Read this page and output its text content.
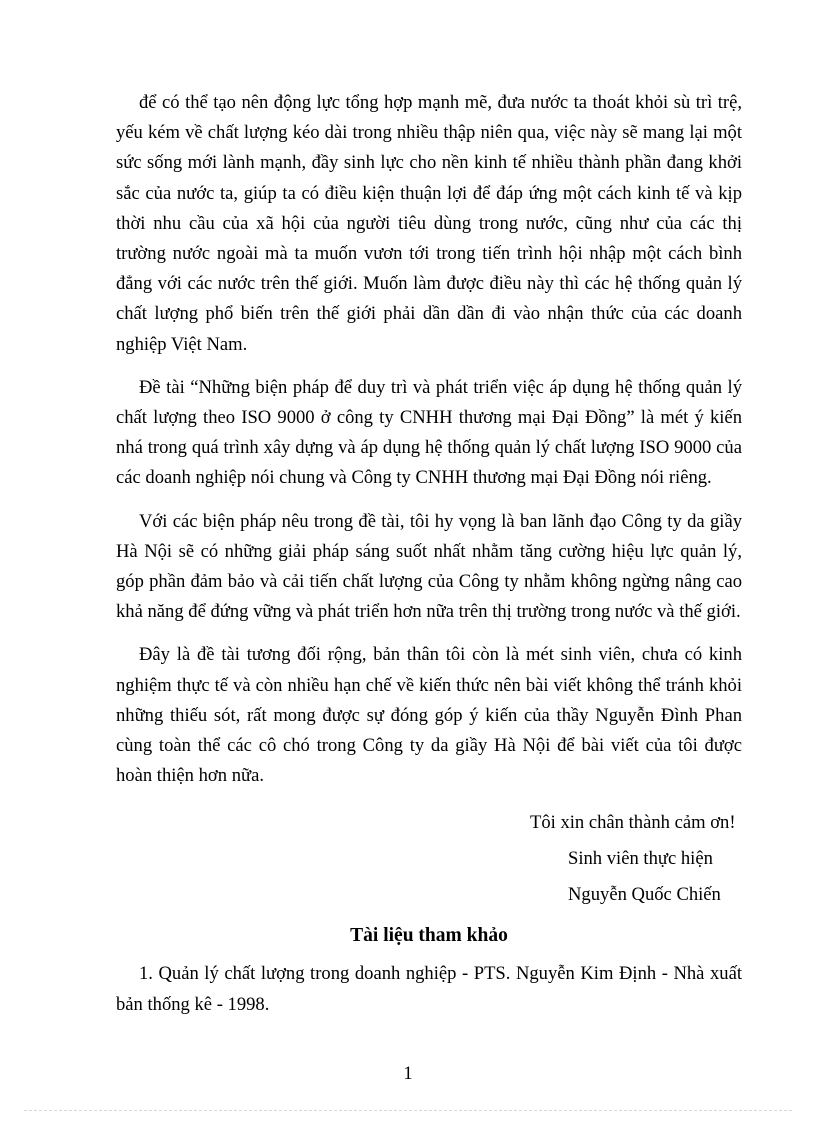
để có thể tạo nên động lực tổng hợp mạnh mẽ, đưa nước ta thoát khỏi sù trì trệ, yếu kém về chất lượng kéo dài trong nhiều thập niên qua, việc này sẽ mang lại một sức sống mới lành mạnh, đầy sinh lực cho nền kinh tế nhiều thành phần đang khởi sắc của nước ta, giúp ta có điều kiện thuận lợi để đáp ứng một cách kinh tế và kịp thời nhu cầu của xã hội của người tiêu dùng trong nước, cũng như của các thị trường nước ngoài mà ta muốn vươn tới trong tiến trình hội nhập một cách bình đẳng với các nước trên thế giới. Muốn làm được điều này thì các hệ thống quản lý chất lượng phổ biến trên thế giới phải dần dần đi vào nhận thức của các doanh nghiệp Việt Nam.

Đề tài “Những biện pháp để duy trì và phát triển việc áp dụng hệ thống quản lý chất lượng theo ISO 9000 ở công ty CNHH thương mại Đại Đồng” là mét ý kiến nhá trong quá trình xây dựng và áp dụng hệ thống quản lý chất lượng ISO 9000 của các doanh nghiệp nói chung và Công ty CNHH thương mại Đại Đồng nói riêng.

Với các biện pháp nêu trong đề tài, tôi hy vọng là ban lãnh đạo Công ty da giầy Hà Nội sẽ có những giải pháp sáng suốt nhất nhằm tăng cường hiệu lực quản lý, góp phần đảm bảo và cải tiến chất lượng của Công ty nhằm không ngừng nâng cao khả năng để đứng vững và phát triển hơn nữa trên thị trường trong nước và thế giới.

Đây là đề tài tương đối rộng, bản thân tôi còn là mét sinh viên, chưa có kinh nghiệm thực tế và còn nhiều hạn chế về kiến thức nên bài viết không thể tránh khỏi những thiếu sót, rất mong được sự đóng góp ý kiến của thầy Nguyễn Đình Phan cùng toàn thể các cô chó trong Công ty da giầy Hà Nội để bài viết của tôi được hoàn thiện hơn nữa.

Tôi xin chân thành cảm ơn!
Sinh viên thực hiện
Nguyễn Quốc Chiến
Tài liệu tham khảo

1. Quản lý chất lượng trong doanh nghiệp - PTS. Nguyễn Kim Định - Nhà xuất bản thống kê - 1998.

1
